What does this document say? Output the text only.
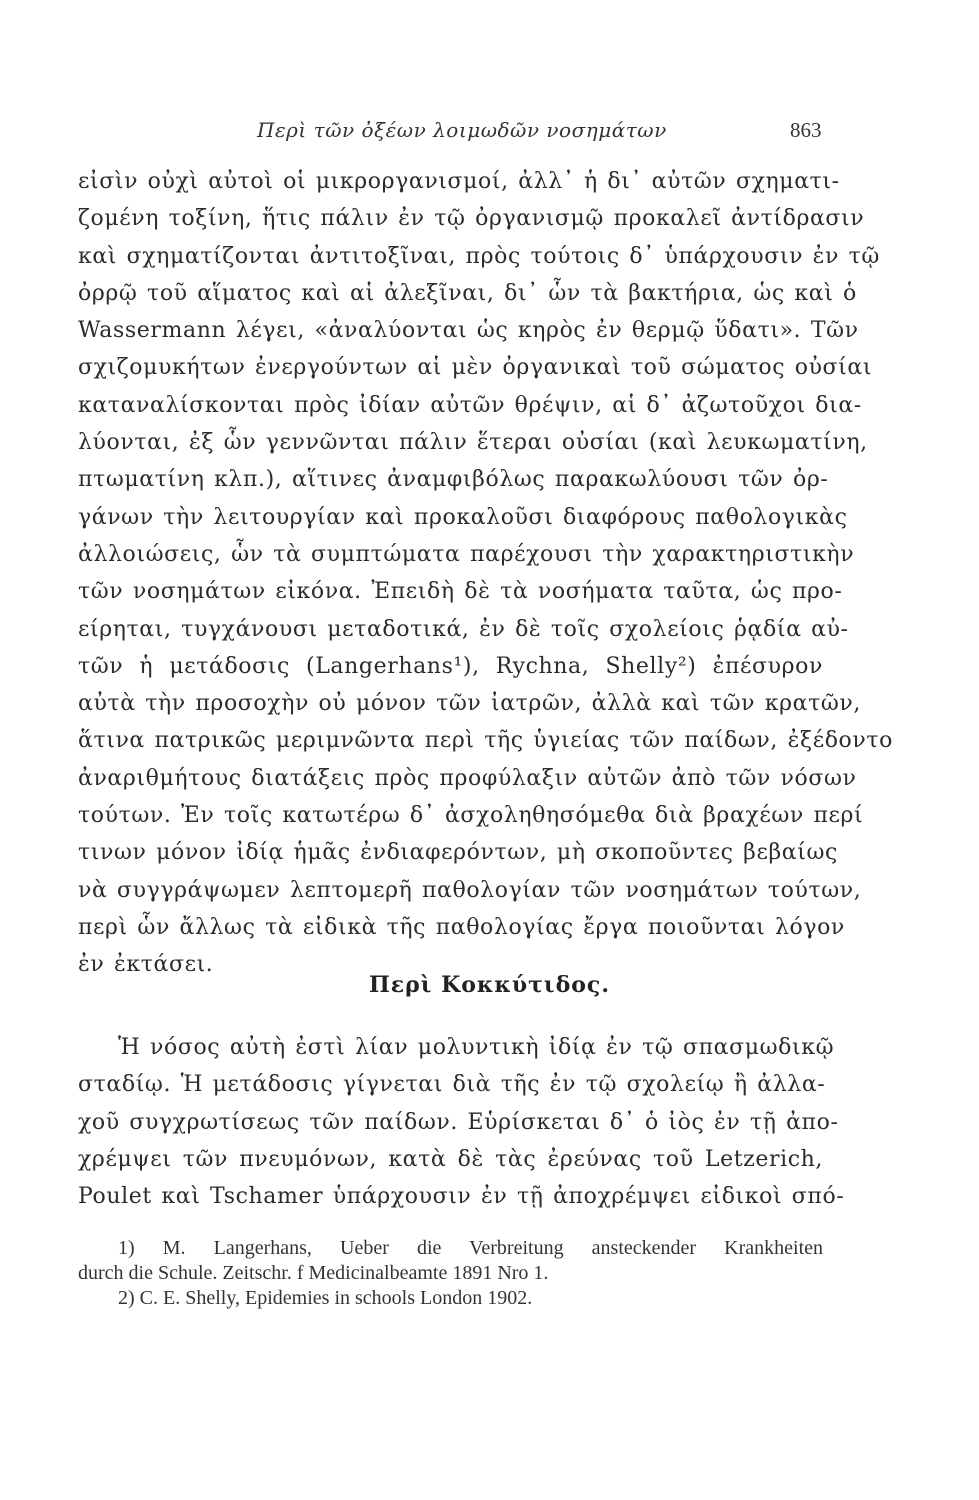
Περὶ τῶν ὀξέων λοιμωδῶν νοσημάτων	863
εἰσὶν οὐχὶ αὐτοὶ οἱ μικροργανισμοί, ἀλλ᾽ ἡ δι᾽ αὐτῶν σχηματι-
ζομένη τοξίνη, ἥτις πάλιν ἐν τῷ ὀργανισμῷ προκαλεῖ ἀντίδρασιν
καὶ σχηματίζονται ἀντιτοξῖναι, πρὸς τούτοις δ᾽ ὑπάρχουσιν ἐν τῷ
ὀρρῷ τοῦ αἵματος καὶ αἱ ἀλεξῖναι, δι᾽ ὧν τὰ βακτήρια, ὡς καὶ ὁ
Wassermann λέγει, «ἀναλύονται ὡς κηρὸς ἐν θερμῷ ὕδατι». Τῶν
σχιζομυκήτων ἐνεργούντων αἱ μὲν ὀργανικαὶ τοῦ σώματος οὐσίαι
καταναλίσκονται πρὸς ἰδίαν αὐτῶν θρέψιν, αἱ δ᾽ ἀζωτοῦχοι δια-
λύονται, ἐξ ὧν γεννῶνται πάλιν ἕτεραι οὐσίαι (καὶ λευκωματίνη,
πτωματίνη κλπ.), αἵτινες ἀναμφιβόλως παρακωλύουσι τῶν ὀρ-
γάνων τὴν λειτουργίαν καὶ προκαλοῦσι διαφόρους παθολογικὰς
ἀλλοιώσεις, ὧν τὰ συμπτώματα παρέχουσι τὴν χαρακτηριστικὴν
τῶν νοσημάτων εἰκόνα. Ἐπειδὴ δὲ τὰ νοσήματα ταῦτα, ὡς προ-
είρηται, τυγχάνουσι μεταδοτικά, ἐν δὲ τοῖς σχολείοις ῥᾳδία αὐ-
τῶν ἡ μετάδοσις (Langerhans¹), Rychna, Shelly²) ἐπέσυρον
αὐτὰ τὴν προσοχὴν οὐ μόνον τῶν ἰατρῶν, ἀλλὰ καὶ τῶν κρατῶν,
ἅτινα πατρικῶς μεριμνῶντα περὶ τῆς ὑγιείας τῶν παίδων, ἐξέδοντο
ἀναριθμήτους διατάξεις πρὸς προφύλαξιν αὐτῶν ἀπὸ τῶν νόσων
τούτων. Ἐν τοῖς κατωτέρω δ᾽ ἀσχοληθησόμεθα διὰ βραχέων περί
τινων μόνον ἰδίᾳ ἡμᾶς ἐνδιαφερόντων, μὴ σκοποῦντες βεβαίως
νὰ συγγράψωμεν λεπτομερῆ παθολογίαν τῶν νοσημάτων τούτων,
περὶ ὧν ἄλλως τὰ εἰδικὰ τῆς παθολογίας ἔργα ποιοῦνται λόγον
ἐν ἐκτάσει.
Περὶ Κοκκύτιδος.
Ἡ νόσος αὐτὴ ἐστὶ λίαν μολυντικὴ ἰδίᾳ ἐν τῷ σπασμωδικῷ
σταδίῳ. Ἡ μετάδοσις γίγνεται διὰ τῆς ἐν τῷ σχολείῳ ἢ ἀλλα-
χοῦ συγχρωτίσεως τῶν παίδων. Εὑρίσκεται δ᾽ ὁ ἰὸς ἐν τῇ ἀπο-
χρέμψει τῶν πνευμόνων, κατὰ δὲ τὰς ἐρεύνας τοῦ Letzerich,
Poulet καὶ Tschamer ὑπάρχουσιν ἐν τῇ ἀποχρέμψει εἰδικοὶ σπό-
1) M. Langerhans, Ueber die Verbreitung ansteckender Krankheiten
durch die Schule. Zeitschr. f Medicinalbeamte 1891 Nro 1.
2) C. E. Shelly, Epidemies in schools London 1902.
